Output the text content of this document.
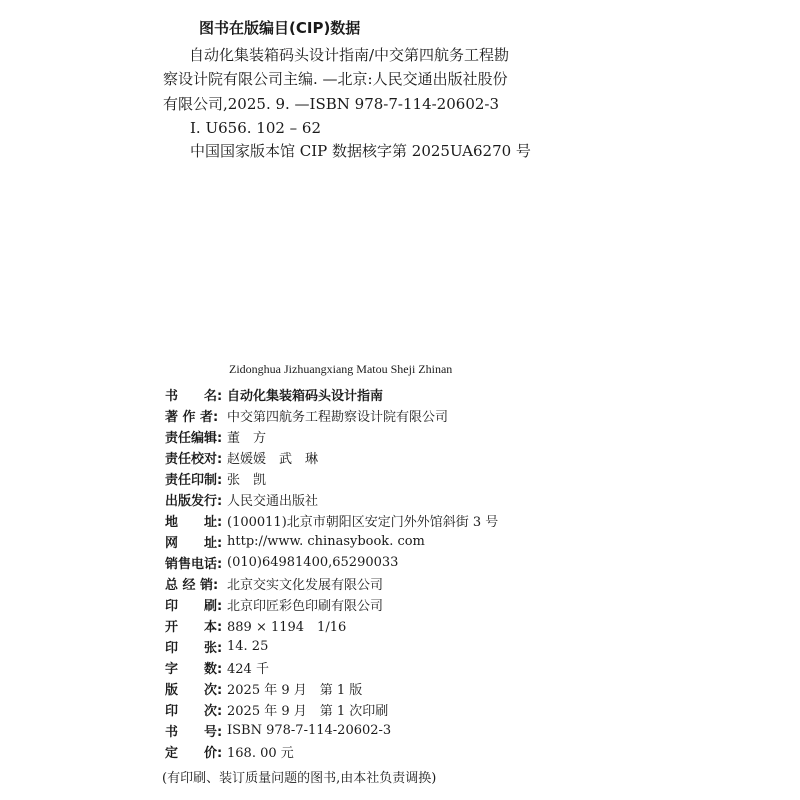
图书在版编目(CIP)数据
自动化集装箱码头设计指南/中交第四航务工程勘
察设计院有限公司主编. —北京:人民交通出版社股份
有限公司,2025. 9. —ISBN 978-7-114-20602-3
Ⅰ. U656. 102 – 62
中国国家版本馆 CIP 数据核字第 2025UA6270 号
Zidonghua Jizhuangxiang Matou Sheji Zhinan
书　　名: 自动化集装箱码头设计指南
著 作 者: 中交第四航务工程勘察设计院有限公司
责任编辑: 董　方
责任校对: 赵媛媛　武　琳
责任印制: 张　凯
出版发行: 人民交通出版社
地　　址: (100011)北京市朝阳区安定门外外馆斜街 3 号
网　　址: http://www. chinasybook. com
销售电话: (010)64981400,65290033
总 经 销: 北京交实文化发展有限公司
印　　刷: 北京印匠彩色印刷有限公司
开　　本: 889 × 1194　1/16
印　　张: 14. 25
字　　数: 424 千
版　　次: 2025 年 9 月　第 1 版
印　　次: 2025 年 9 月　第 1 次印刷
书　　号: ISBN 978-7-114-20602-3
定　　价: 168. 00 元
(有印刷、装订质量问题的图书,由本社负责调换)
